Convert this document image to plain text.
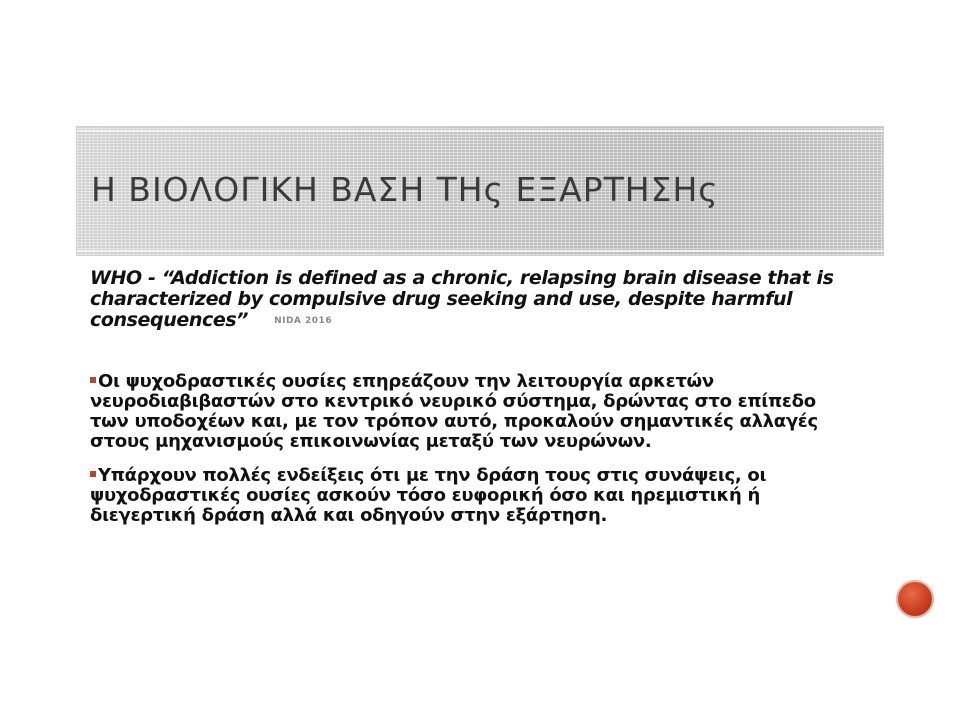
Η ΒΙΟΛΟΓΙΚΗ ΒΑΣΗ ΤΗς ΕΞΑΡΤΗΣΗς

WHO - “Addiction is defined as a chronic, relapsing brain disease that is
characterized by compulsive drug seeking and use, despite harmful
consequences”	NIDA 2016

Οι ψυχοδραστικές ουσίες επηρεάζουν την λειτουργία αρκετών
νευροδιαβιβαστών στο κεντρικό νευρικό σύστημα, δρώντας στο επίπεδο
των υποδοχέων και, με τον τρόπον αυτό, προκαλούν σημαντικές αλλαγές
στους μηχανισμούς επικοινωνίας μεταξύ των νευρώνων.
Υπάρχουν πολλές ενδείξεις ότι με την δράση τους στις συνάψεις, οι
ψυχοδραστικές ουσίες ασκούν τόσο ευφορική όσο και ηρεμιστική ή
διεγερτική δράση αλλά και οδηγούν στην εξάρτηση.
